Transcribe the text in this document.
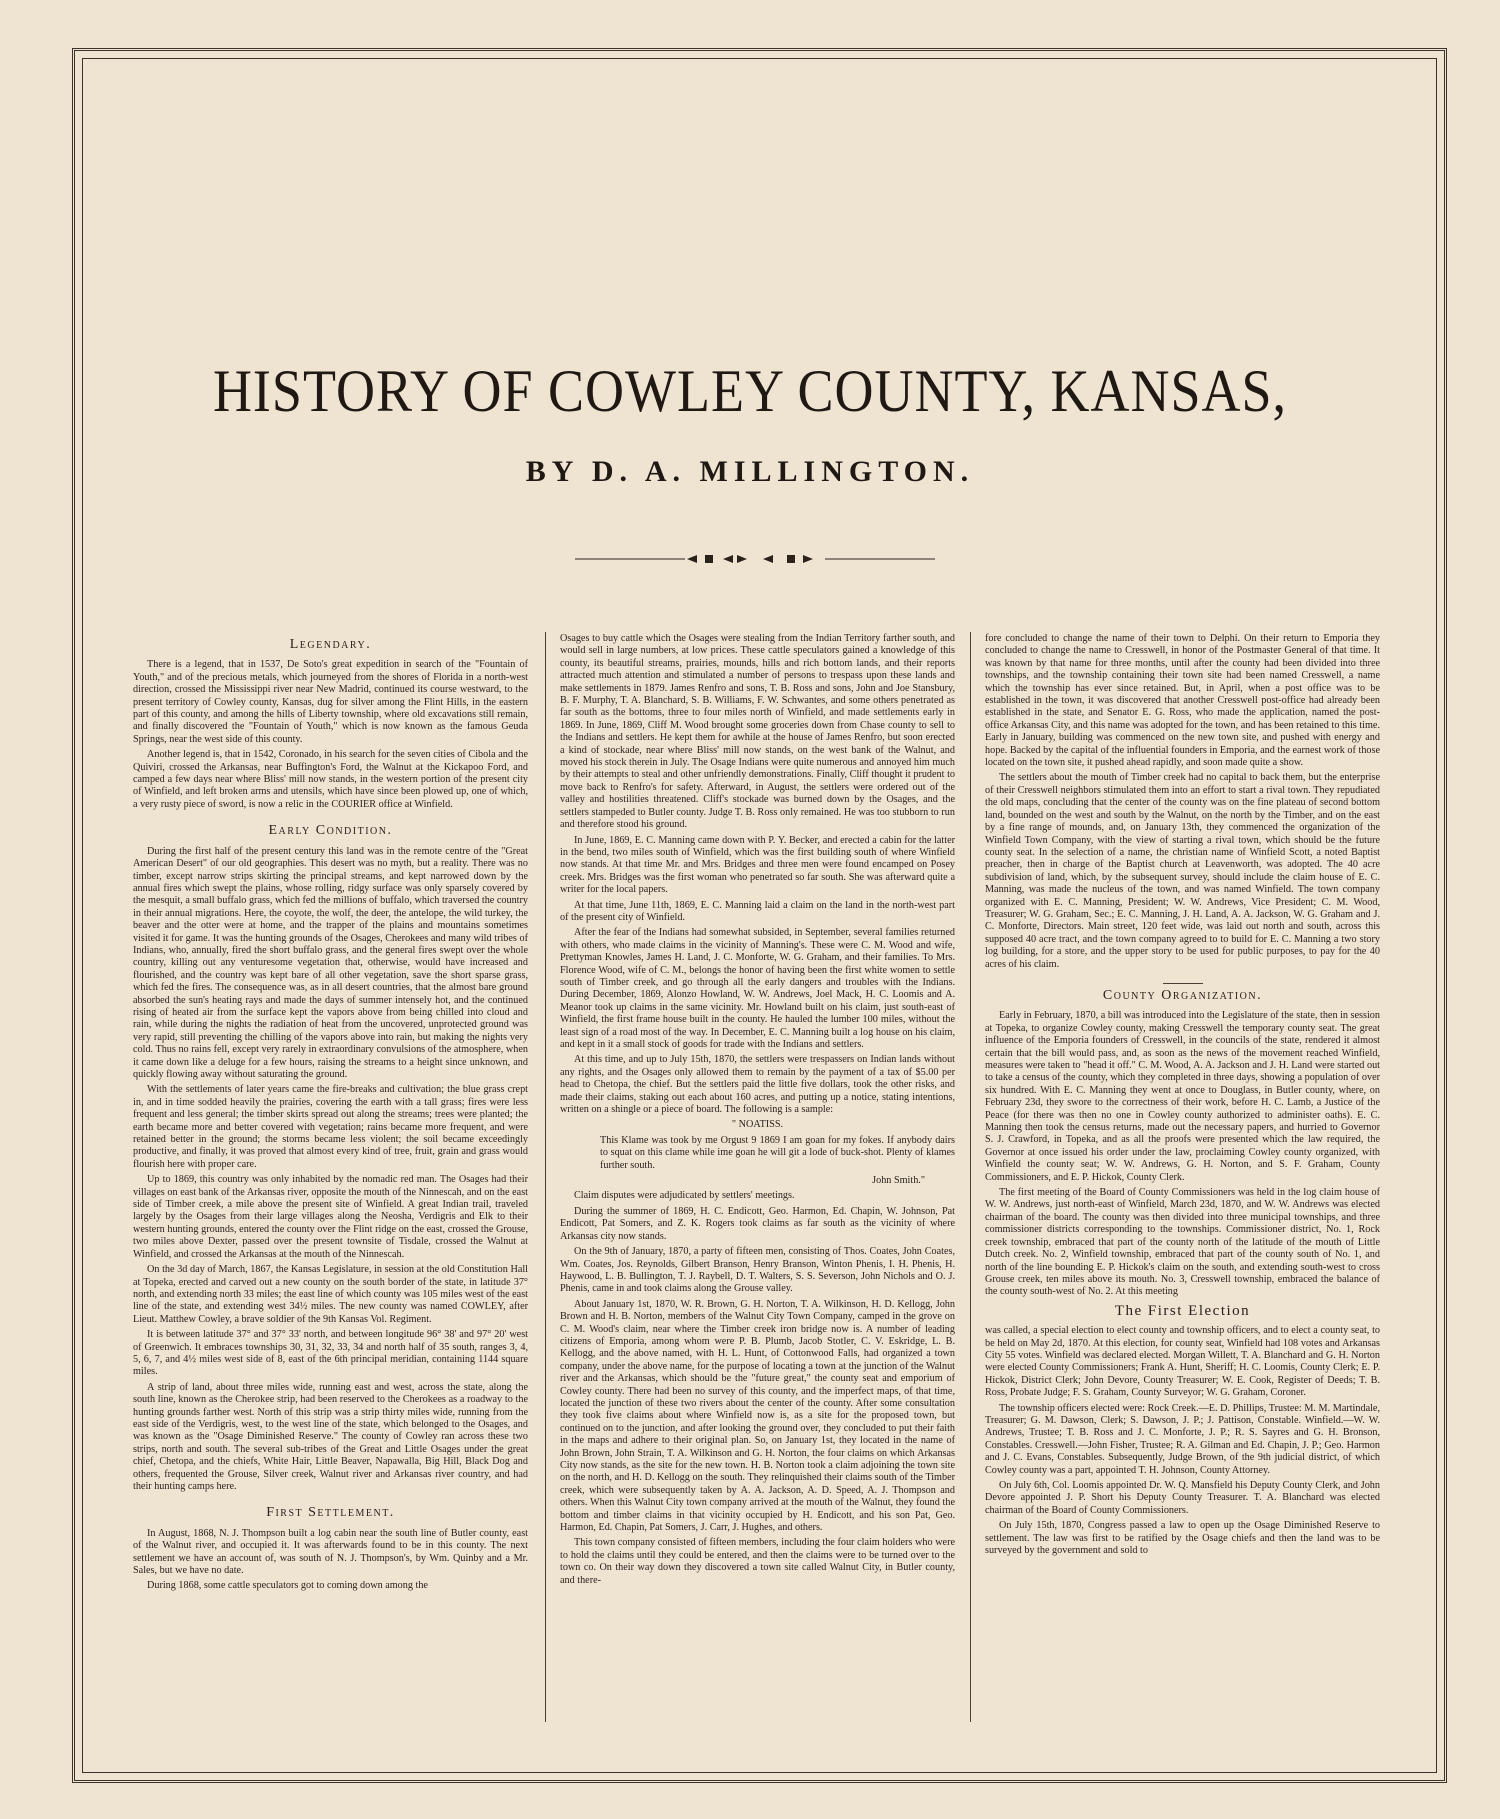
HISTORY OF COWLEY COUNTY, KANSAS,
BY D. A. MILLINGTON.
Legendary.

There is a legend, that in 1537, De Soto's great expedition in search of the "Fountain of Youth," and of the precious metals, which journeyed from the shores of Florida in a north-west direction, crossed the Mississippi river near New Madrid, continued its course westward, to the present territory of Cowley county, Kansas, dug for silver among the Flint Hills, in the eastern part of this county, and among the hills of Liberty township, where old excavations still remain, and finally discovered the "Fountain of Youth," which is now known as the famous Geuda Springs, near the west side of this county.

Another legend is, that in 1542, Coronado, in his search for the seven cities of Cibola and the Quiviri, crossed the Arkansas, near Buffington's Ford, the Walnut at the Kickapoo Ford, and camped a few days near where Bliss' mill now stands, in the western portion of the present city of Winfield, and left broken arms and utensils, which have since been plowed up, one of which, a very rusty piece of sword, is now a relic in the COURIER office at Winfield.

Early Condition.

During the first half of the present century this land was in the remote centre of the "Great American Desert" of our old geographies. This desert was no myth, but a reality. There was no timber, except narrow strips skirting the principal streams, and kept narrowed down by the annual fires which swept the plains, whose rolling, ridgy surface was only sparsely covered by the mesquit, a small buffalo grass, which fed the millions of buffalo, which traversed the country in their annual migrations. Here, the coyote, the wolf, the deer, the antelope, the wild turkey, the beaver and the otter were at home, and the trapper of the plains and mountains sometimes visited it for game. It was the hunting grounds of the Osages, Cherokees and many wild tribes of Indians, who, annually, fired the short buffalo grass, and the general fires swept over the whole country, killing out any venturesome vegetation that, otherwise, would have increased and flourished, and the country was kept bare of all other vegetation, save the short sparse grass, which fed the fires. The consequence was, as in all desert countries, that the almost bare ground absorbed the sun's heating rays and made the days of summer intensely hot, and the continued rising of heated air from the surface kept the vapors above from being chilled into cloud and rain, while during the nights the radiation of heat from the uncovered, unprotected ground was very rapid, still preventing the chilling of the vapors above into rain, but making the nights very cold. Thus no rains fell, except very rarely in extraordinary convulsions of the atmosphere, when it came down like a deluge for a few hours, raising the streams to a height since unknown, and quickly flowing away without saturating the ground.

With the settlements of later years came the fire-breaks and cultivation; the blue grass crept in, and in time sodded heavily the prairies, covering the earth with a tall grass; fires were less frequent and less general; the timber skirts spread out along the streams; trees were planted; the earth became more and better covered with vegetation; rains became more frequent, and were retained better in the ground; the storms became less violent; the soil became exceedingly productive, and finally, it was proved that almost every kind of tree, fruit, grain and grass would flourish here with proper care.

Up to 1869, this country was only inhabited by the nomadic red man. The Osages had their villages on east bank of the Arkansas river, opposite the mouth of the Ninnescah, and on the east side of Timber creek, a mile above the present site of Winfield. A great Indian trail, traveled largely by the Osages from their large villages along the Neosha, Verdigris and Elk to their western hunting grounds, entered the county over the Flint ridge on the east, crossed the Grouse, two miles above Dexter, passed over the present townsite of Tisdale, crossed the Walnut at Winfield, and crossed the Arkansas at the mouth of the Ninnescah.

On the 3d day of March, 1867, the Kansas Legislature, in session at the old Constitution Hall at Topeka, erected and carved out a new county on the south border of the state, in latitude 37° north, and extending north 33 miles; the east line of which county was 105 miles west of the east line of the state, and extending west 34½ miles. The new county was named COWLEY, after Lieut. Matthew Cowley, a brave soldier of the 9th Kansas Vol. Regiment.

It is between latitude 37° and 37° 33' north, and between longitude 96° 38' and 97° 20' west of Greenwich. It embraces townships 30, 31, 32, 33, 34 and north half of 35 south, ranges 3, 4, 5, 6, 7, and 4½ miles west side of 8, east of the 6th principal meridian, containing 1144 square miles.

A strip of land, about three miles wide, running east and west, across the state, along the south line, known as the Cherokee strip, had been reserved to the Cherokees as a roadway to the hunting grounds farther west. North of this strip was a strip thirty miles wide, running from the east side of the Verdigris, west, to the west line of the state, which belonged to the Osages, and was known as the "Osage Diminished Reserve." The county of Cowley ran across these two strips, north and south. The several sub-tribes of the Great and Little Osages under the great chief, Chetopa, and the chiefs, White Hair, Little Beaver, Napawalla, Big Hill, Black Dog and others, frequented the Grouse, Silver creek, Walnut river and Arkansas river country, and had their hunting camps here.

First Settlement.

In August, 1868, N. J. Thompson built a log cabin near the south line of Butler county, east of the Walnut river, and occupied it. It was afterwards found to be in this county. The next settlement we have an account of, was south of N. J. Thompson's, by Wm. Quinby and a Mr. Sales, but we have no date.

During 1868, some cattle speculators got to coming down among the

Osages to buy cattle which the Osages were stealing from the Indian Territory farther south, and would sell in large numbers, at low prices. These cattle speculators gained a knowledge of this county, its beautiful streams, prairies, mounds, hills and rich bottom lands, and their reports attracted much attention and stimulated a number of persons to trespass upon these lands and make settlements in 1879. James Renfro and sons, T. B. Ross and sons, John and Joe Stansbury, B. F. Murphy, T. A. Blanchard, S. B. Williams, F. W. Schwantes, and some others penetrated as far south as the bottoms, three to four miles north of Winfield, and made settlements early in 1869. In June, 1869, Cliff M. Wood brought some groceries down from Chase county to sell to the Indians and settlers. He kept them for awhile at the house of James Renfro, but soon erected a kind of stockade, near where Bliss' mill now stands, on the west bank of the Walnut, and moved his stock therein in July. The Osage Indians were quite numerous and annoyed him much by their attempts to steal and other unfriendly demonstrations. Finally, Cliff thought it prudent to move back to Renfro's for safety. Afterward, in August, the settlers were ordered out of the valley and hostilities threatened. Cliff's stockade was burned down by the Osages, and the settlers stampeded to Butler county. Judge T. B. Ross only remained. He was too stubborn to run and therefore stood his ground.

In June, 1869, E. C. Manning came down with P. Y. Becker, and erected a cabin for the latter in the bend, two miles south of Winfield, which was the first building south of where Winfield now stands. At that time Mr. and Mrs. Bridges and three men were found encamped on Posey creek. Mrs. Bridges was the first woman who penetrated so far south. She was afterward quite a writer for the local papers.

At that time, June 11th, 1869, E. C. Manning laid a claim on the land in the north-west part of the present city of Winfield.

After the fear of the Indians had somewhat subsided, in September, several families returned with others, who made claims in the vicinity of Manning's. These were C. M. Wood and wife, Prettyman Knowles, James H. Land, J. C. Monforte, W. G. Graham, and their families. To Mrs. Florence Wood, wife of C. M., belongs the honor of having been the first white women to settle south of Timber creek, and go through all the early dangers and troubles with the Indians. During December, 1869, Alonzo Howland, W. W. Andrews, Joel Mack, H. C. Loomis and A. Meanor took up claims in the same vicinity. Mr. Howland built on his claim, just south-east of Winfield, the first frame house built in the county. He hauled the lumber 100 miles, without the least sign of a road most of the way. In December, E. C. Manning built a log house on his claim, and kept in it a small stock of goods for trade with the Indians and settlers.

At this time, and up to July 15th, 1870, the settlers were trespassers on Indian lands without any rights, and the Osages only allowed them to remain by the payment of a tax of $5.00 per head to Chetopa, the chief. But the settlers paid the little five dollars, took the other risks, and made their claims, staking out each about 160 acres, and putting up a notice, stating intentions, written on a shingle or a piece of board. The following is a sample:

" NOATISS.

This Klame was took by me Orgust 9 1869 I am goan for my fokes. If anybody dairs to squat on this clame while ime goan he will git a lode of buck-shot. Plenty of klames further south.

John Smith."

Claim disputes were adjudicated by settlers' meetings.

During the summer of 1869, H. C. Endicott, Geo. Harmon, Ed. Chapin, W. Johnson, Pat Endicott, Pat Somers, and Z. K. Rogers took claims as far south as the vicinity of where Arkansas city now stands.

On the 9th of January, 1870, a party of fifteen men, consisting of Thos. Coates, John Coates, Wm. Coates, Jos. Reynolds, Gilbert Branson, Henry Branson, Winton Phenis, I. H. Phenis, H. Haywood, L. B. Bullington, T. J. Raybell, D. T. Walters, S. S. Severson, John Nichols and O. J. Phenis, came in and took claims along the Grouse valley.

About January 1st, 1870, W. R. Brown, G. H. Norton, T. A. Wilkinson, H. D. Kellogg, John Brown and H. B. Norton, members of the Walnut City Town Company, camped in the grove on C. M. Wood's claim, near where the Timber creek iron bridge now is. A number of leading citizens of Emporia, among whom were P. B. Plumb, Jacob Stotler, C. V. Eskridge, L. B. Kellogg, and the above named, with H. L. Hunt, of Cottonwood Falls, had organized a town company, under the above name, for the purpose of locating a town at the junction of the Walnut river and the Arkansas, which should be the "future great," the county seat and emporium of Cowley county. There had been no survey of this county, and the imperfect maps, of that time, located the junction of these two rivers about the center of the county. After some consultation they took five claims about where Winfield now is, as a site for the proposed town, but continued on to the junction, and after looking the ground over, they concluded to put their faith in the maps and adhere to their original plan. So, on January 1st, they located in the name of John Brown, John Strain, T. A. Wilkinson and G. H. Norton, the four claims on which Arkansas City now stands, as the site for the new town. H. B. Norton took a claim adjoining the town site on the north, and H. D. Kellogg on the south. They relinquished their claims south of the Timber creek, which were subsequently taken by A. A. Jackson, A. D. Speed, A. J. Thompson and others. When this Walnut City town company arrived at the mouth of the Walnut, they found the bottom and timber claims in that vicinity occupied by H. Endicott, and his son Pat, Geo. Harmon, Ed. Chapin, Pat Somers, J. Carr, J. Hughes, and others.

This town company consisted of fifteen members, including the four claim holders who were to hold the claims until they could be entered, and then the claims were to be turned over to the town co. On their way down they discovered a town site called Walnut City, in Butler county, and there-

fore concluded to change the name of their town to Delphi. On their return to Emporia they concluded to change the name to Cresswell, in honor of the Postmaster General of that time. It was known by that name for three months, until after the county had been divided into three townships, and the township containing their town site had been named Cresswell, a name which the township has ever since retained. But, in April, when a post office was to be established in the town, it was discovered that another Cresswell post-office had already been established in the state, and Senator E. G. Ross, who made the application, named the post-office Arkansas City, and this name was adopted for the town, and has been retained to this time. Early in January, building was commenced on the new town site, and pushed with energy and hope. Backed by the capital of the influential founders in Emporia, and the earnest work of those located on the town site, it pushed ahead rapidly, and soon made quite a show.

The settlers about the mouth of Timber creek had no capital to back them, but the enterprise of their Cresswell neighbors stimulated them into an effort to start a rival town. They repudiated the old maps, concluding that the center of the county was on the fine plateau of second bottom land, bounded on the west and south by the Walnut, on the north by the Timber, and on the east by a fine range of mounds, and, on January 13th, they commenced the organization of the Winfield Town Company, with the view of starting a rival town, which should be the future county seat. In the selection of a name, the christian name of Winfield Scott, a noted Baptist preacher, then in charge of the Baptist church at Leavenworth, was adopted. The 40 acre subdivision of land, which, by the subsequent survey, should include the claim house of E. C. Manning, was made the nucleus of the town, and was named Winfield. The town company organized with E. C. Manning, President; W. W. Andrews, Vice President; C. M. Wood, Treasurer; W. G. Graham, Sec.; E. C. Manning, J. H. Land, A. A. Jackson, W. G. Graham and J. C. Monforte, Directors. Main street, 120 feet wide, was laid out north and south, across this supposed 40 acre tract, and the town company agreed to to build for E. C. Manning a two story log building, for a store, and the upper story to be used for public purposes, to pay for the 40 acres of his claim.

County Organization.

Early in February, 1870, a bill was introduced into the Legislature of the state, then in session at Topeka, to organize Cowley county, making Cresswell the temporary county seat. The great influence of the Emporia founders of Cresswell, in the councils of the state, rendered it almost certain that the bill would pass, and, as soon as the news of the movement reached Winfield, measures were taken to "head it off." C. M. Wood, A. A. Jackson and J. H. Land were started out to take a census of the county, which they completed in three days, showing a population of over six hundred. With E. C. Manning they went at once to Douglass, in Butler county, where, on February 23d, they swore to the correctness of their work, before H. C. Lamb, a Justice of the Peace (for there was then no one in Cowley county authorized to administer oaths). E. C. Manning then took the census returns, made out the necessary papers, and hurried to Governor S. J. Crawford, in Topeka, and as all the proofs were presented which the law required, the Governor at once issued his order under the law, proclaiming Cowley county organized, with Winfield the county seat; W. W. Andrews, G. H. Norton, and S. F. Graham, County Commissioners, and E. P. Hickok, County Clerk.

The first meeting of the Board of County Commissioners was held in the log claim house of W. W. Andrews, just north-east of Winfield, March 23d, 1870, and W. W. Andrews was elected chairman of the board. The county was then divided into three municipal townships, and three commissioner districts corresponding to the townships. Commissioner district, No. 1, Rock creek township, embraced that part of the county north of the latitude of the mouth of Little Dutch creek. No. 2, Winfield township, embraced that part of the county south of No. 1, and north of the line bounding E. P. Hickok's claim on the south, and extending south-west to cross Grouse creek, ten miles above its mouth. No. 3, Cresswell township, embraced the balance of the county south-west of No. 2. At this meeting

The First Election

was called, a special election to elect county and township officers, and to elect a county seat, to be held on May 2d, 1870. At this election, for county seat, Winfield had 108 votes and Arkansas City 55 votes. Winfield was declared elected. Morgan Willett, T. A. Blanchard and G. H. Norton were elected County Commissioners; Frank A. Hunt, Sheriff; H. C. Loomis, County Clerk; E. P. Hickok, District Clerk; John Devore, County Treasurer; W. E. Cook, Register of Deeds; T. B. Ross, Probate Judge; F. S. Graham, County Surveyor; W. G. Graham, Coroner.

The township officers elected were: Rock Creek.—E. D. Phillips, Trustee: M. M. Martindale, Treasurer; G. M. Dawson, Clerk; S. Dawson, J. P.; J. Pattison, Constable. Winfield.—W. W. Andrews, Trustee; T. B. Ross and J. C. Monforte, J. P.; R. S. Sayres and G. H. Bronson, Constables. Cresswell.—John Fisher, Trustee; R. A. Gilman and Ed. Chapin, J. P.; Geo. Harmon and J. C. Evans, Constables. Subsequently, Judge Brown, of the 9th judicial district, of which Cowley county was a part, appointed T. H. Johnson, County Attorney.

On July 6th, Col. Loomis appointed Dr. W. Q. Mansfield his Deputy County Clerk, and John Devore appointed J. P. Short his Deputy County Treasurer. T. A. Blanchard was elected chairman of the Board of County Commissioners.

On July 15th, 1870, Congress passed a law to open up the Osage Diminished Reserve to settlement. The law was first to be ratified by the Osage chiefs and then the land was to be surveyed by the government and sold to
